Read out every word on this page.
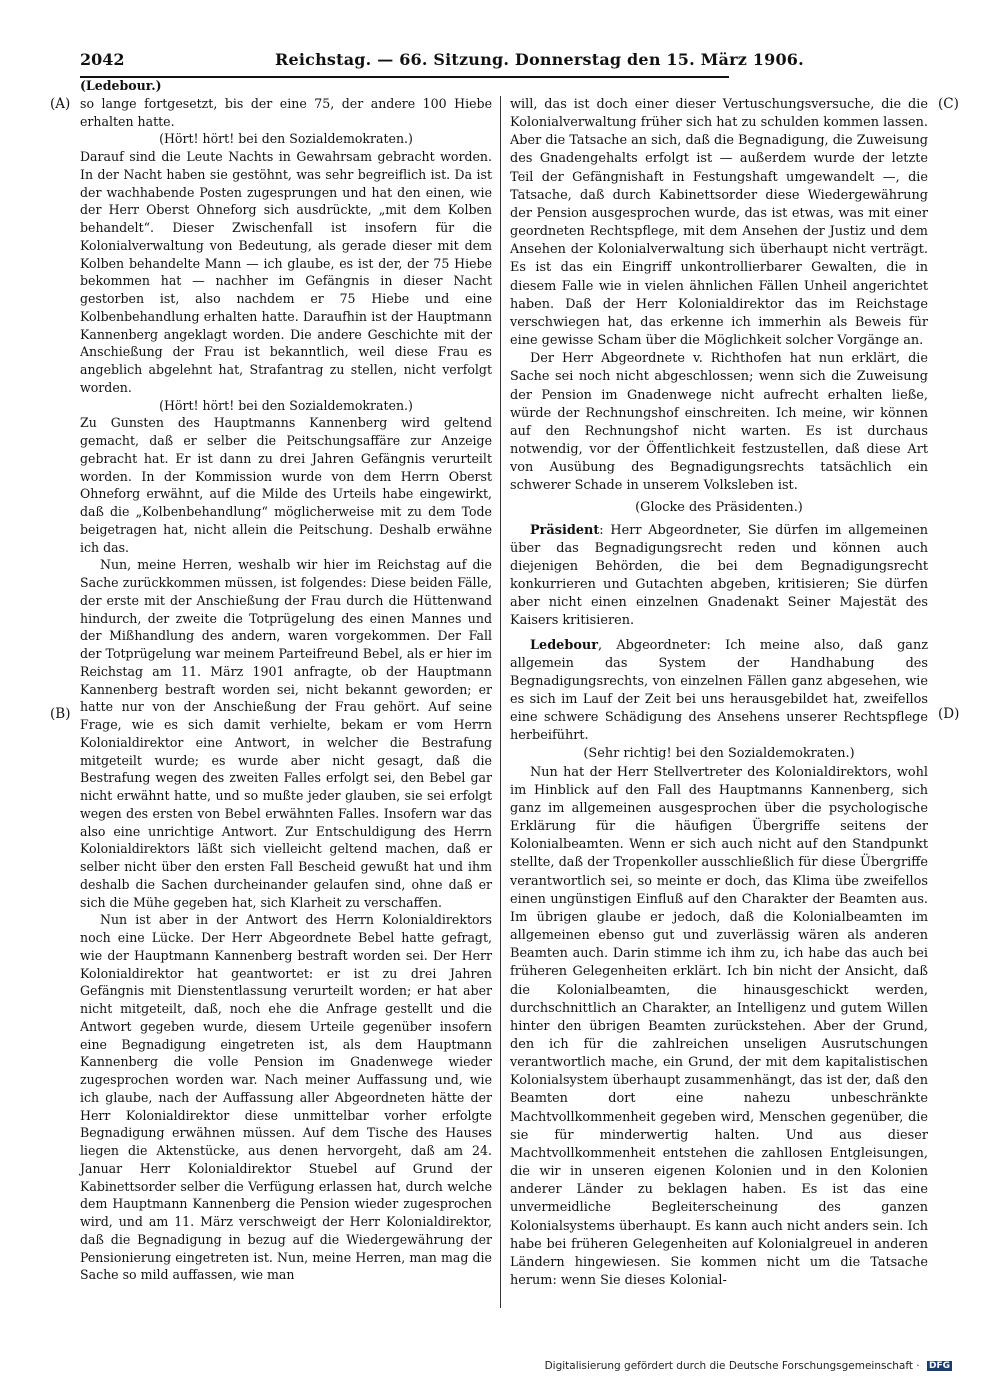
2042	Reichstag. — 66. Sitzung. Donnerstag den 15. März 1906.
(A)
(B)
(C)
(D)

(Ledebour.)

so lange fortgesetzt, bis der eine 75, der andere 100 Hiebe erhalten hatte.

(Hört! hört! bei den Sozialdemokraten.)

Darauf sind die Leute Nachts in Gewahrsam gebracht worden. In der Nacht haben sie gestöhnt, was sehr begreiflich ist. Da ist der wachhabende Posten zugesprungen und hat den einen, wie der Herr Oberst Ohneforg sich ausdrückte, „mit dem Kolben behandelt“. Dieser Zwischenfall ist insofern für die Kolonialverwaltung von Bedeutung, als gerade dieser mit dem Kolben behandelte Mann — ich glaube, es ist der, der 75 Hiebe bekommen hat — nachher im Gefängnis in dieser Nacht gestorben ist, also nachdem er 75 Hiebe und eine Kolbenbehandlung erhalten hatte. Daraufhin ist der Hauptmann Kannenberg angeklagt worden. Die andere Geschichte mit der Anschießung der Frau ist bekanntlich, weil diese Frau es angeblich abgelehnt hat, Strafantrag zu stellen, nicht verfolgt worden.

(Hört! hört! bei den Sozialdemokraten.)

Zu Gunsten des Hauptmanns Kannenberg wird geltend gemacht, daß er selber die Peitschungsaffäre zur Anzeige gebracht hat. Er ist dann zu drei Jahren Gefängnis verurteilt worden. In der Kommission wurde von dem Herrn Oberst Ohneforg erwähnt, auf die Milde des Urteils habe eingewirkt, daß die „Kolbenbehandlung“ möglicherweise mit zu dem Tode beigetragen hat, nicht allein die Peitschung. Deshalb erwähne ich das.

Nun, meine Herren, weshalb wir hier im Reichstag auf die Sache zurückkommen müssen, ist folgendes: Diese beiden Fälle, der erste mit der Anschießung der Frau durch die Hüttenwand hindurch, der zweite die Totprügelung des einen Mannes und der Mißhandlung des andern, waren vorgekommen. Der Fall der Totprügelung war meinem Parteifreund Bebel, als er hier im Reichstag am 11. März 1901 anfragte, ob der Hauptmann Kannenberg bestraft worden sei, nicht bekannt geworden; er hatte nur von der Anschießung der Frau gehört. Auf seine Frage, wie es sich damit verhielte, bekam er vom Herrn Kolonialdirektor eine Antwort, in welcher die Bestrafung mitgeteilt wurde; es wurde aber nicht gesagt, daß die Bestrafung wegen des zweiten Falles erfolgt sei, den Bebel gar nicht erwähnt hatte, und so mußte jeder glauben, sie sei erfolgt wegen des ersten von Bebel erwähnten Falles. Insofern war das also eine unrichtige Antwort. Zur Entschuldigung des Herrn Kolonialdirektors läßt sich vielleicht geltend machen, daß er selber nicht über den ersten Fall Bescheid gewußt hat und ihm deshalb die Sachen durcheinander gelaufen sind, ohne daß er sich die Mühe gegeben hat, sich Klarheit zu verschaffen.

Nun ist aber in der Antwort des Herrn Kolonialdirektors noch eine Lücke. Der Herr Abgeordnete Bebel hatte gefragt, wie der Hauptmann Kannenberg bestraft worden sei. Der Herr Kolonialdirektor hat geantwortet: er ist zu drei Jahren Gefängnis mit Dienstentlassung verurteilt worden; er hat aber nicht mitgeteilt, daß, noch ehe die Anfrage gestellt und die Antwort gegeben wurde, diesem Urteile gegenüber insofern eine Begnadigung eingetreten ist, als dem Hauptmann Kannenberg die volle Pension im Gnadenwege wieder zugesprochen worden war. Nach meiner Auffassung und, wie ich glaube, nach der Auffassung aller Abgeordneten hätte der Herr Kolonialdirektor diese unmittelbar vorher erfolgte Begnadigung erwähnen müssen. Auf dem Tische des Hauses liegen die Aktenstücke, aus denen hervorgeht, daß am 24. Januar Herr Kolonialdirektor Stuebel auf Grund der Kabinettsorder selber die Verfügung erlassen hat, durch welche dem Hauptmann Kannenberg die Pension wieder zugesprochen wird, und am 11. März verschweigt der Herr Kolonialdirektor, daß die Begnadigung in bezug auf die Wiedergewährung der Pensionierung eingetreten ist. Nun, meine Herren, man mag die Sache so mild auffassen, wie man

will, das ist doch einer dieser Vertuschungsversuche, die die Kolonialverwaltung früher sich hat zu schulden kommen lassen. Aber die Tatsache an sich, daß die Begnadigung, die Zuweisung des Gnadengehalts erfolgt ist — außerdem wurde der letzte Teil der Gefängnishaft in Festungshaft umgewandelt —, die Tatsache, daß durch Kabinettsorder diese Wiedergewährung der Pension ausgesprochen wurde, das ist etwas, was mit einer geordneten Rechtspflege, mit dem Ansehen der Justiz und dem Ansehen der Kolonialverwaltung sich überhaupt nicht verträgt. Es ist das ein Eingriff unkontrollierbarer Gewalten, die in diesem Falle wie in vielen ähnlichen Fällen Unheil angerichtet haben. Daß der Herr Kolonialdirektor das im Reichstage verschwiegen hat, das erkenne ich immerhin als Beweis für eine gewisse Scham über die Möglichkeit solcher Vorgänge an.

Der Herr Abgeordnete v. Richthofen hat nun erklärt, die Sache sei noch nicht abgeschlossen; wenn sich die Zuweisung der Pension im Gnadenwege nicht aufrecht erhalten ließe, würde der Rechnungshof einschreiten. Ich meine, wir können auf den Rechnungshof nicht warten. Es ist durchaus notwendig, vor der Öffentlichkeit festzustellen, daß diese Art von Ausübung des Begnadigungsrechts tatsächlich ein schwerer Schade in unserem Volksleben ist.

(Glocke des Präsidenten.)

Präsident: Herr Abgeordneter, Sie dürfen im allgemeinen über das Begnadigungsrecht reden und können auch diejenigen Behörden, die bei dem Begnadigungsrecht konkurrieren und Gutachten abgeben, kritisieren; Sie dürfen aber nicht einen einzelnen Gnadenakt Seiner Majestät des Kaisers kritisieren.

Ledebour, Abgeordneter: Ich meine also, daß ganz allgemein das System der Handhabung des Begnadigungsrechts, von einzelnen Fällen ganz abgesehen, wie es sich im Lauf der Zeit bei uns herausgebildet hat, zweifellos eine schwere Schädigung des Ansehens unserer Rechtspflege herbeiführt.

(Sehr richtig! bei den Sozialdemokraten.)

Nun hat der Herr Stellvertreter des Kolonialdirektors, wohl im Hinblick auf den Fall des Hauptmanns Kannenberg, sich ganz im allgemeinen ausgesprochen über die psychologische Erklärung für die häufigen Übergriffe seitens der Kolonialbeamten. Wenn er sich auch nicht auf den Standpunkt stellte, daß der Tropenkoller ausschließlich für diese Übergriffe verantwortlich sei, so meinte er doch, das Klima übe zweifellos einen ungünstigen Einfluß auf den Charakter der Beamten aus. Im übrigen glaube er jedoch, daß die Kolonialbeamten im allgemeinen ebenso gut und zuverlässig wären als anderen Beamten auch. Darin stimme ich ihm zu, ich habe das auch bei früheren Gelegenheiten erklärt. Ich bin nicht der Ansicht, daß die Kolonialbeamten, die hinausgeschickt werden, durchschnittlich an Charakter, an Intelligenz und gutem Willen hinter den übrigen Beamten zurückstehen. Aber der Grund, den ich für die zahlreichen unseligen Ausrutschungen verantwortlich mache, ein Grund, der mit dem kapitalistischen Kolonialsystem überhaupt zusammenhängt, das ist der, daß den Beamten dort eine nahezu unbeschränkte Machtvollkommenheit gegeben wird, Menschen gegenüber, die sie für minderwertig halten. Und aus dieser Machtvollkommenheit entstehen die zahllosen Entgleisungen, die wir in unseren eigenen Kolonien und in den Kolonien anderer Länder zu beklagen haben. Es ist das eine unvermeidliche Begleiterscheinung des ganzen Kolonialsystems überhaupt. Es kann auch nicht anders sein. Ich habe bei früheren Gelegenheiten auf Kolonialgreuel in anderen Ländern hingewiesen. Sie kommen nicht um die Tatsache herum: wenn Sie dieses Kolonial-

Digitalisierung gefördert durch die Deutsche Forschungsgemeinschaft · DFG
